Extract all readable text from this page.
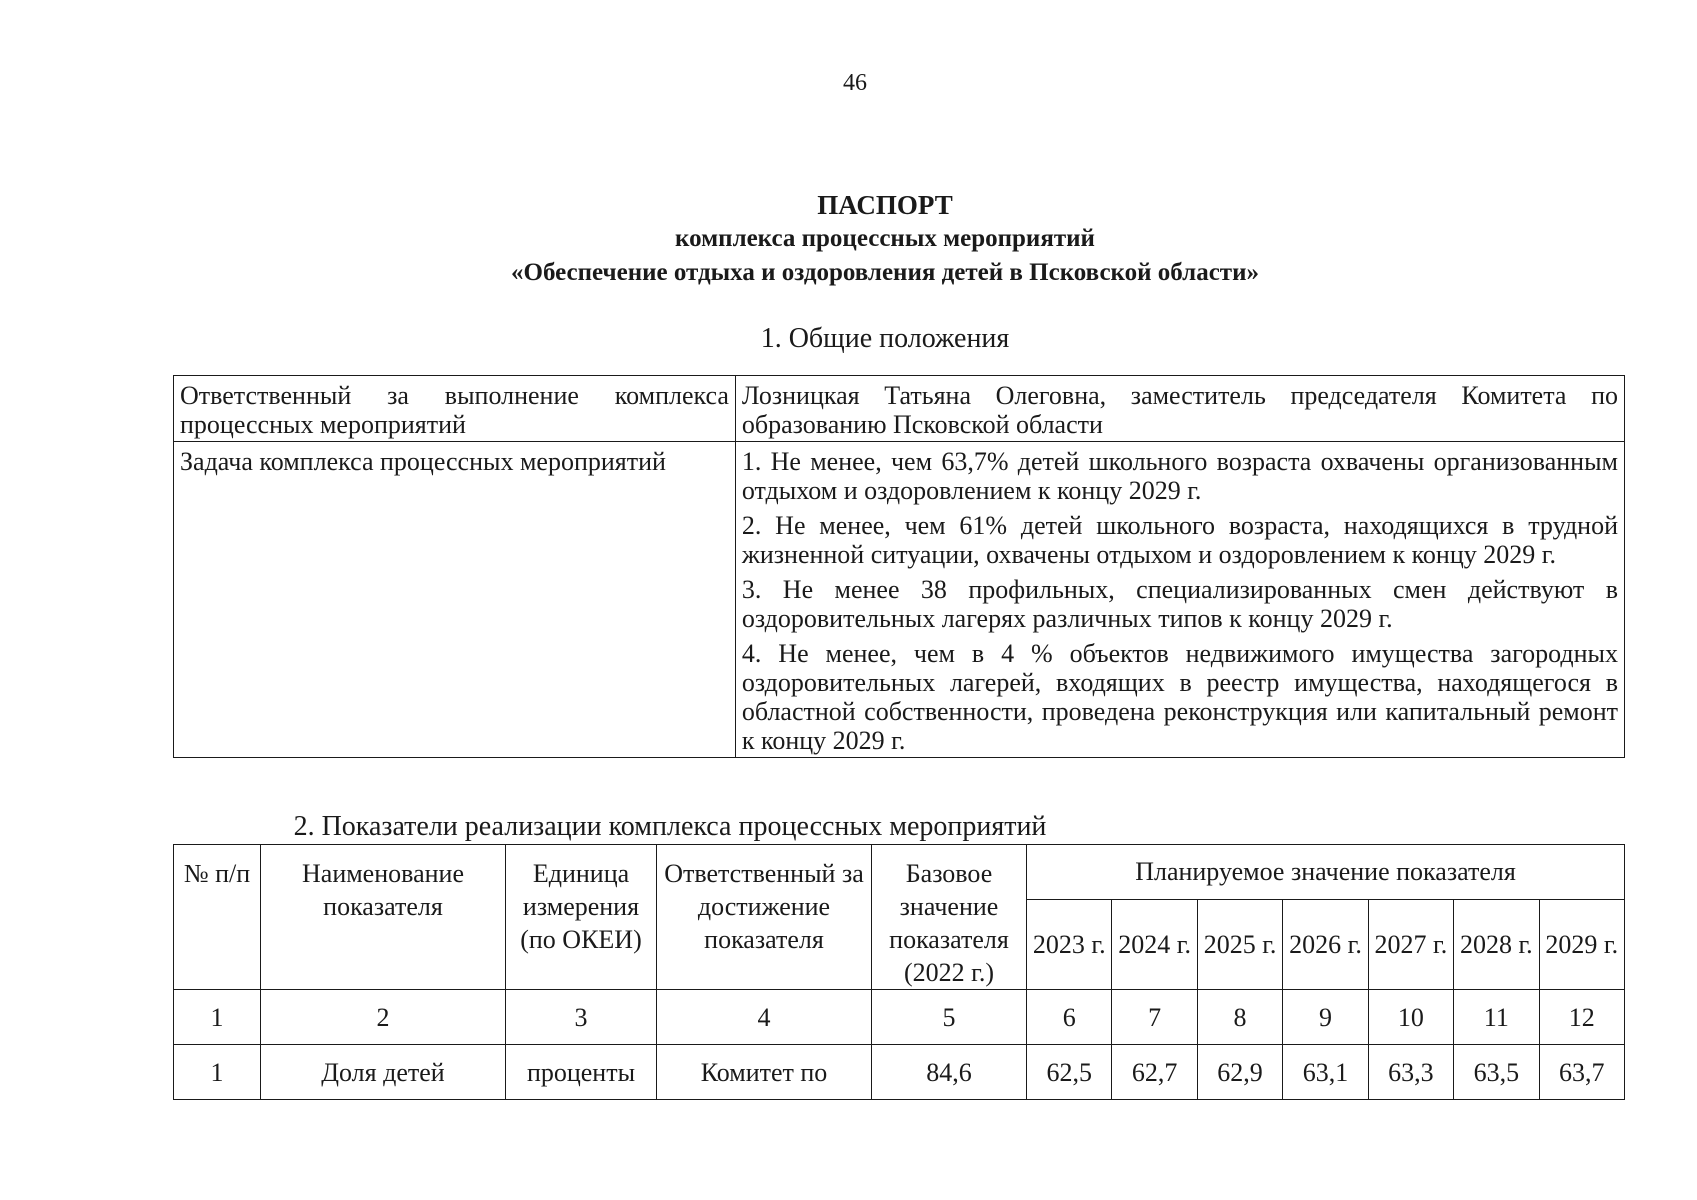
46
ПАСПОРТ
комплекса процессных мероприятий
«Обеспечение отдыха и оздоровления детей в Псковской области»
1. Общие положения
Ответственный за выполнение комплекса процессных мероприятий	Лозницкая Татьяна Олеговна, заместитель председателя Комитета по образованию Псковской области
Задача комплекса процессных мероприятий	1. Не менее, чем 63,7% детей школьного возраста охвачены организованным отдыхом и оздоровлением к концу 2029 г.

2. Не менее, чем 61% детей школьного возраста, находящихся в трудной жизненной ситуации, охвачены отдыхом и оздоровлением к концу 2029 г.

3. Не менее 38 профильных, специализированных смен действуют в оздоровительных лагерях различных типов к концу 2029 г.

4. Не менее, чем в 4 % объектов недвижимого имущества загородных оздоровительных лагерей, входящих в реестр имущества, находящегося в областной собственности, проведена реконструкция или капитальный ремонт к концу 2029 г.

2. Показатели реализации комплекса процессных мероприятий
№ п/п	Наименование показателя	Единица измерения (по ОКЕИ)	Ответственный за достижение показателя	Базовое значение показателя (2022 г.)	Планируемое значение показателя						
					2023 г.	2024 г.	2025 г.	2026 г.	2027 г.	2028 г.	2029 г.
1	2	3	4	5	6	7	8	9	10	11	12
1	Доля детей	проценты	Комитет по	84,6	62,5	62,7	62,9	63,1	63,3	63,5	63,7
